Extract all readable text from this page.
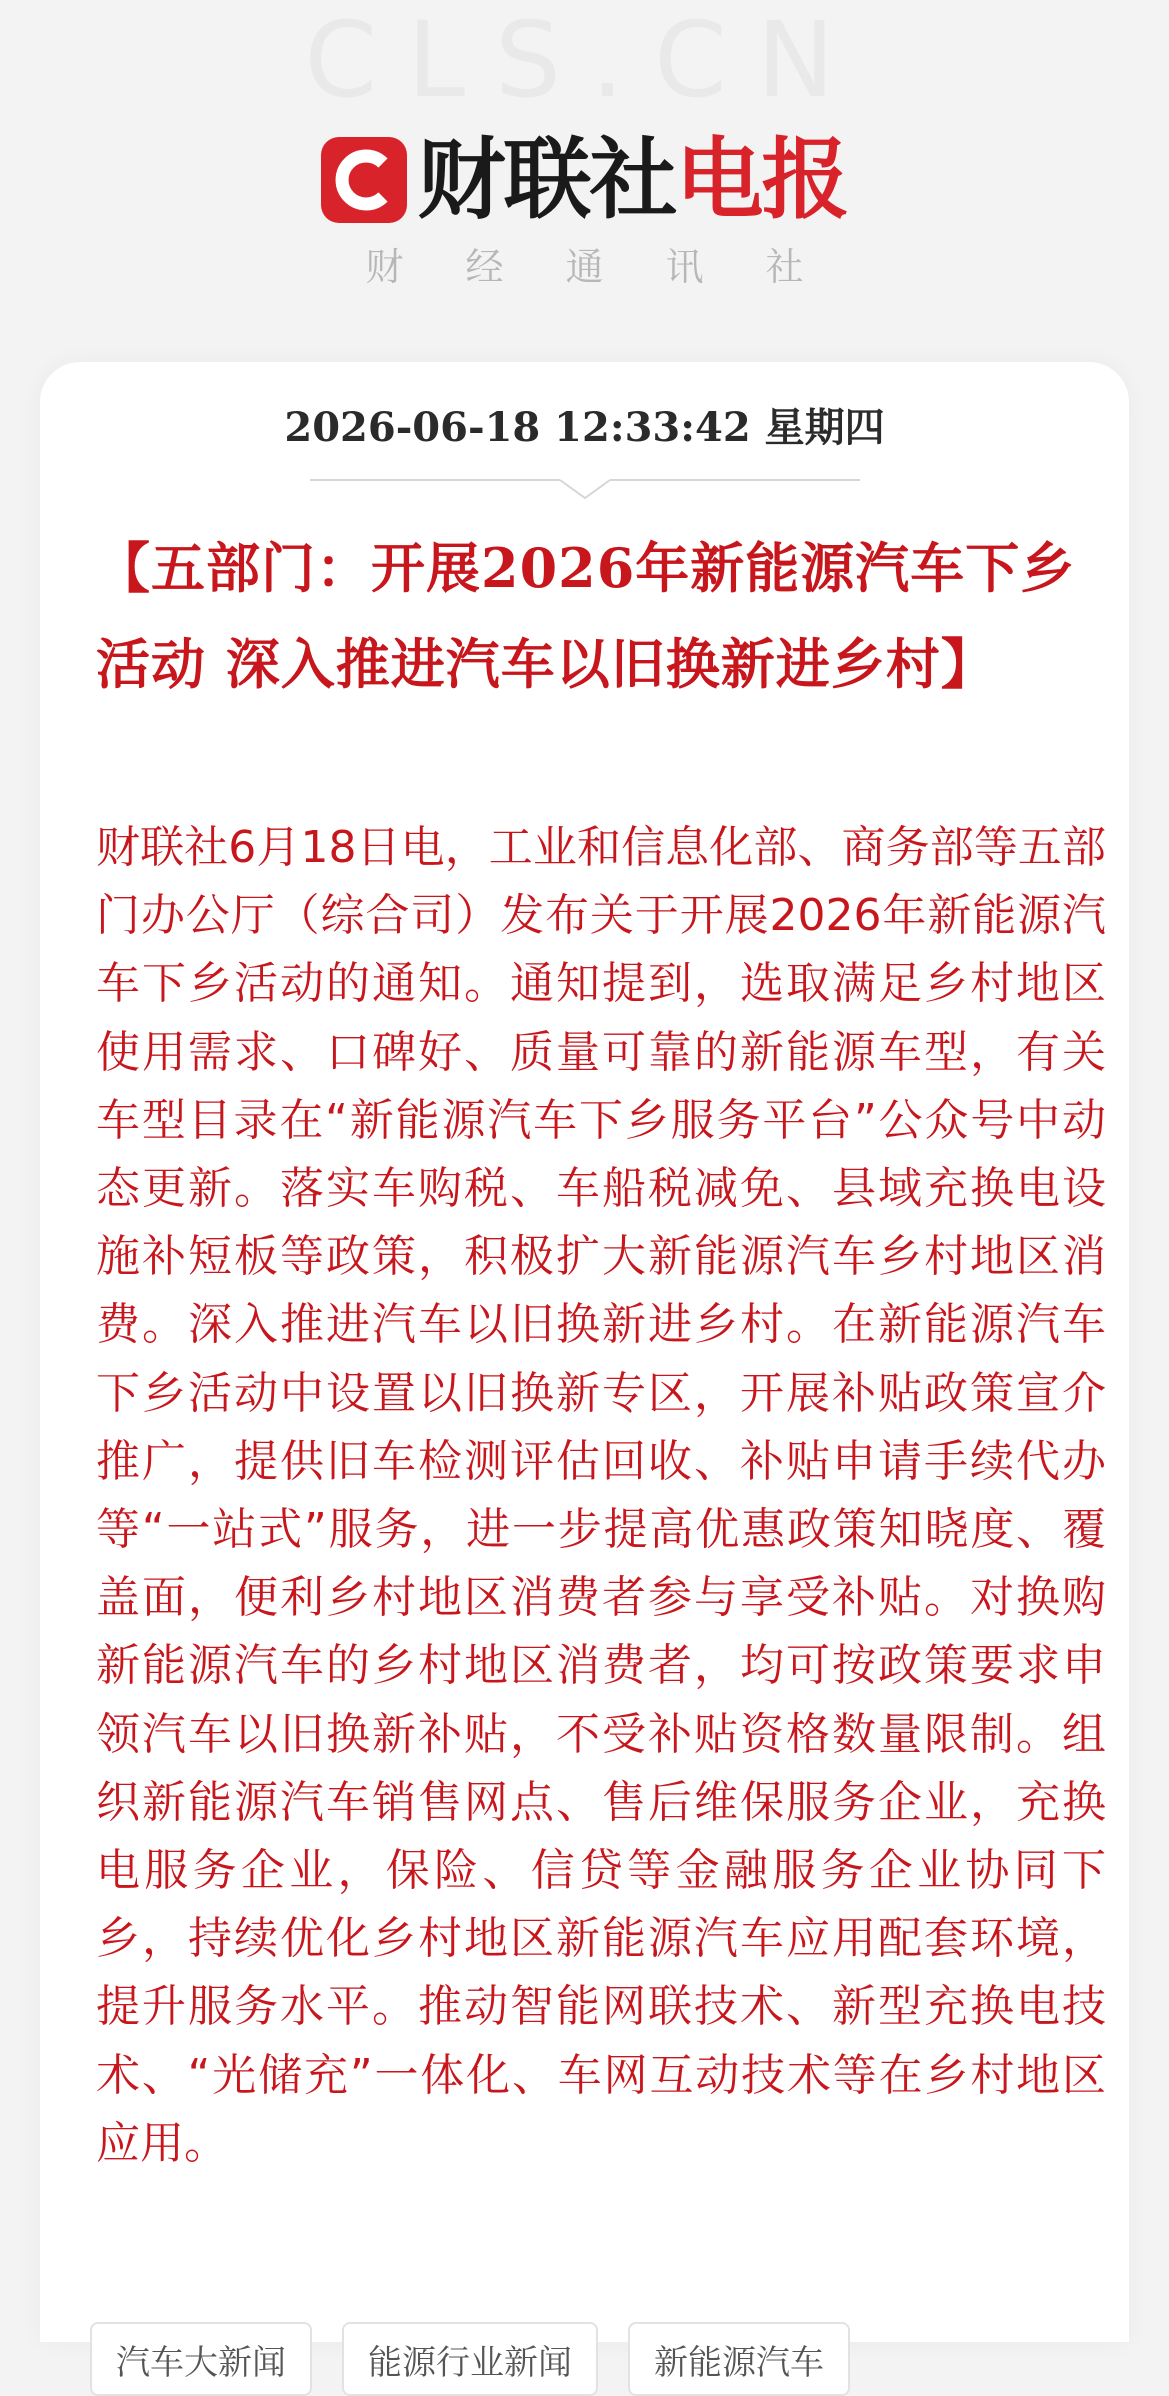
CLS.CN
财联社 电报
财经通讯社
2026-06-18 12:33:42 星期四
【五部门：开展2026年新能源汽车下乡活动 深入推进汽车以旧换新进乡村】

财联社6月18日电，工业和信息化部、商务部等五部门办公厅（综合司）发布关于开展2026年新能源汽车下乡活动的通知。通知提到，选取满足乡村地区使用需求、口碑好、质量可靠的新能源车型，有关车型目录在“新能源汽车下乡服务平台”公众号中动态更新。落实车购税、车船税减免、县域充换电设施补短板等政策，积极扩大新能源汽车乡村地区消费。深入推进汽车以旧换新进乡村。在新能源汽车下乡活动中设置以旧换新专区，开展补贴政策宣介推广，提供旧车检测评估回收、补贴申请手续代办等“一站式”服务，进一步提高优惠政策知晓度、覆盖面，便利乡村地区消费者参与享受补贴。对换购新能源汽车的乡村地区消费者，均可按政策要求申领汽车以旧换新补贴，不受补贴资格数量限制。组织新能源汽车销售网点、售后维保服务企业，充换电服务企业，保险、信贷等金融服务企业协同下乡，持续优化乡村地区新能源汽车应用配套环境，提升服务水平。推动智能网联技术、新型充换电技术、“光储充”一体化、车网互动技术等在乡村地区应用。

汽车大新闻	能源行业新闻	新能源汽车
